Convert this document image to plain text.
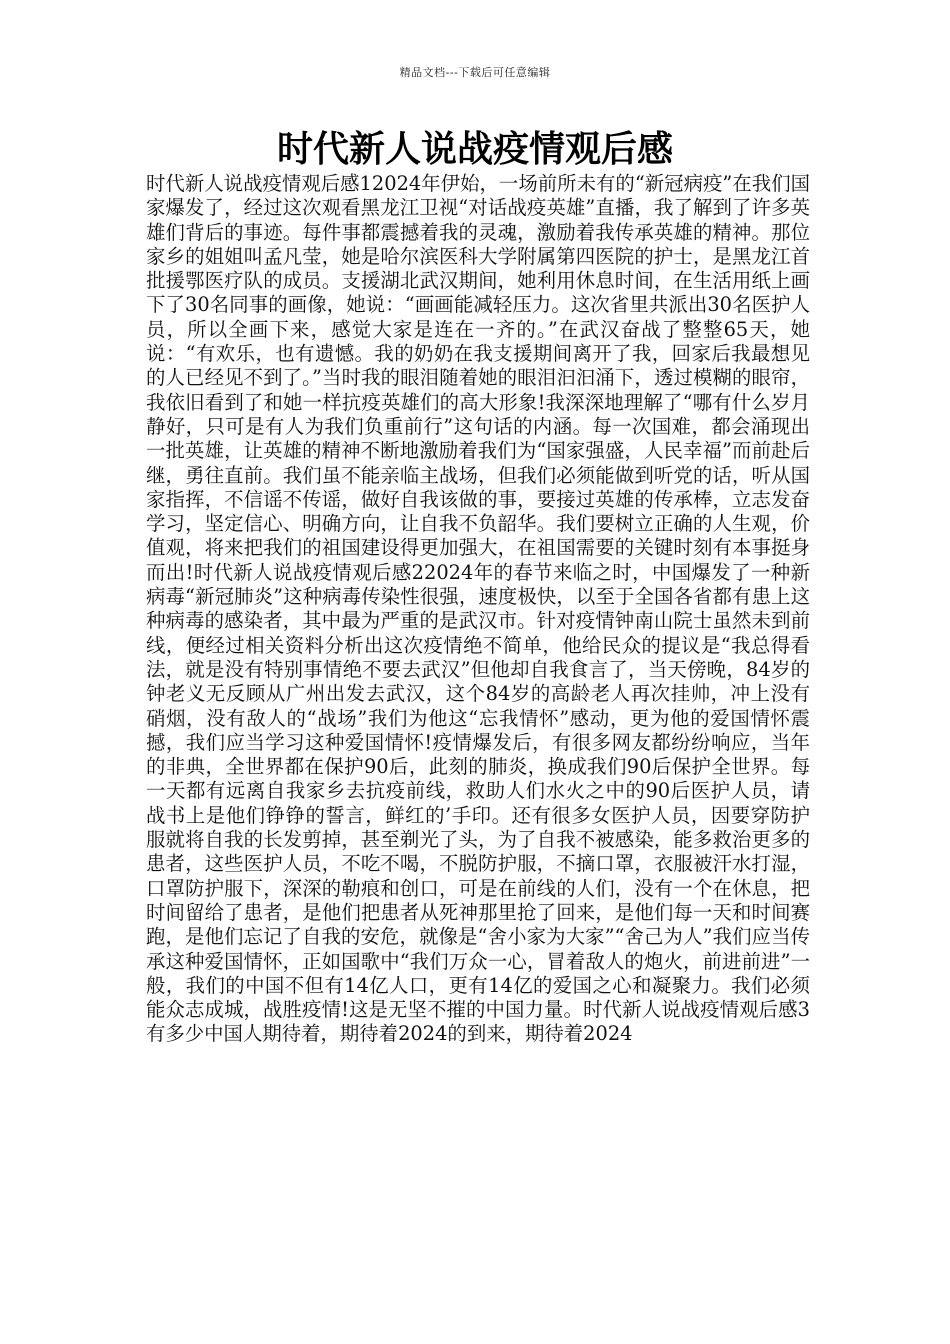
精品文档---下载后可任意编辑
时代新人说战疫情观后感

时代新人说战疫情观后感12024年伊始，一场前所未有的“新冠病疫”在我们国家爆发了，经过这次观看黑龙江卫视“对话战疫英雄”直播，我了解到了许多英雄们背后的事迹。每件事都震撼着我的灵魂，激励着我传承英雄的精神。那位家乡的姐姐叫孟凡莹，她是哈尔滨医科大学附属第四医院的护士，是黑龙江首批援鄂医疗队的成员。支援湖北武汉期间，她利用休息时间，在生活用纸上画下了30名同事的画像，她说：“画画能减轻压力。这次省里共派出30名医护人员，所以全画下来，感觉大家是连在一齐的。”在武汉奋战了整整65天，她说：“有欢乐，也有遗憾。我的奶奶在我支援期间离开了我，回家后我最想见的人已经见不到了。”当时我的眼泪随着她的眼泪汩汩涌下，透过模糊的眼帘，我依旧看到了和她一样抗疫英雄们的高大形象!我深深地理解了“哪有什么岁月静好，只可是有人为我们负重前行”这句话的内涵。每一次国难，都会涌现出一批英雄，让英雄的精神不断地激励着我们为“国家强盛，人民幸福”而前赴后继，勇往直前。我们虽不能亲临主战场，但我们必须能做到听党的话，听从国家指挥，不信谣不传谣，做好自我该做的事，要接过英雄的传承棒，立志发奋学习，坚定信心、明确方向，让自我不负韶华。我们要树立正确的人生观，价值观，将来把我们的祖国建设得更加强大，在祖国需要的关键时刻有本事挺身而出!时代新人说战疫情观后感22024年的春节来临之时，中国爆发了一种新病毒“新冠肺炎”这种病毒传染性很强，速度极快，以至于全国各省都有患上这种病毒的感染者，其中最为严重的是武汉市。针对疫情钟南山院士虽然未到前线，便经过相关资料分析出这次疫情绝不简单，他给民众的提议是“我总得看法，就是没有特别事情绝不要去武汉”但他却自我食言了，当天傍晚，84岁的钟老义无反顾从广州出发去武汉，这个84岁的高龄老人再次挂帅，冲上没有硝烟，没有敌人的“战场”我们为他这“忘我情怀”感动，更为他的爱国情怀震撼，我们应当学习这种爱国情怀!疫情爆发后，有很多网友都纷纷响应，当年的非典，全世界都在保护90后，此刻的肺炎，换成我们90后保护全世界。每一天都有远离自我家乡去抗疫前线，救助人们水火之中的90后医护人员，请战书上是他们铮铮的誓言，鲜红的’手印。还有很多女医护人员，因要穿防护服就将自我的长发剪掉，甚至剃光了头，为了自我不被感染，能多救治更多的患者，这些医护人员，不吃不喝，不脱防护服，不摘口罩，衣服被汗水打湿，口罩防护服下，深深的勒痕和创口，可是在前线的人们，没有一个在休息，把时间留给了患者，是他们把患者从死神那里抢了回来，是他们每一天和时间赛跑，是他们忘记了自我的安危，就像是“舍小家为大家”“舍己为人”我们应当传承这种爱国情怀，正如国歌中“我们万众一心，冒着敌人的炮火，前进前进”一般，我们的中国不但有14亿人口，更有14亿的爱国之心和凝聚力。我们必须能众志成城，战胜疫情!这是无坚不摧的中国力量。时代新人说战疫情观后感3有多少中国人期待着，期待着2024的到来，期待着2024
